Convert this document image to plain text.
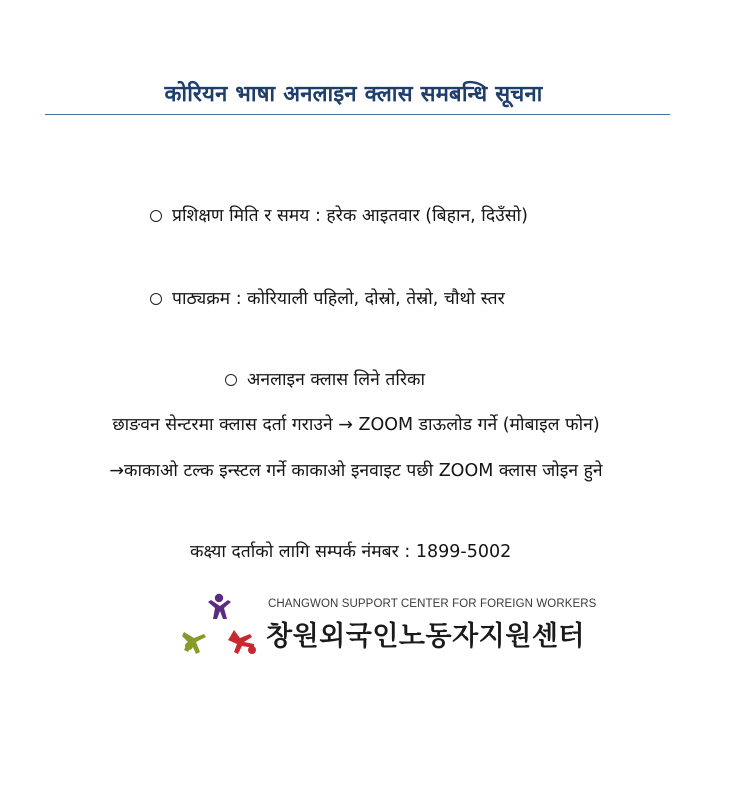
कोरियन भाषा अनलाइन क्लास समबन्धि सूचना
प्रशिक्षण मिति र समय : हरेक आइतवार (बिहान, दिउँसो)
पाठ्यक्रम : कोरियाली पहिलो, दोस्रो, तेस्रो, चौथो स्तर
अनलाइन क्लास लिने तरिका
छाङवन सेन्टरमा क्लास दर्ता गराउने → ZOOM डाऊलोड गर्ने (मोबाइल फोन)
→काकाओ टल्क इन्स्टल गर्ने काकाओ इनवाइट पछी ZOOM क्लास जोइन हुने
कक्ष्या दर्ताको लागि सम्पर्क नंमबर : 1899-5002
CHANGWON SUPPORT CENTER FOR FOREIGN WORKERS
창원외국인노동자지원센터
